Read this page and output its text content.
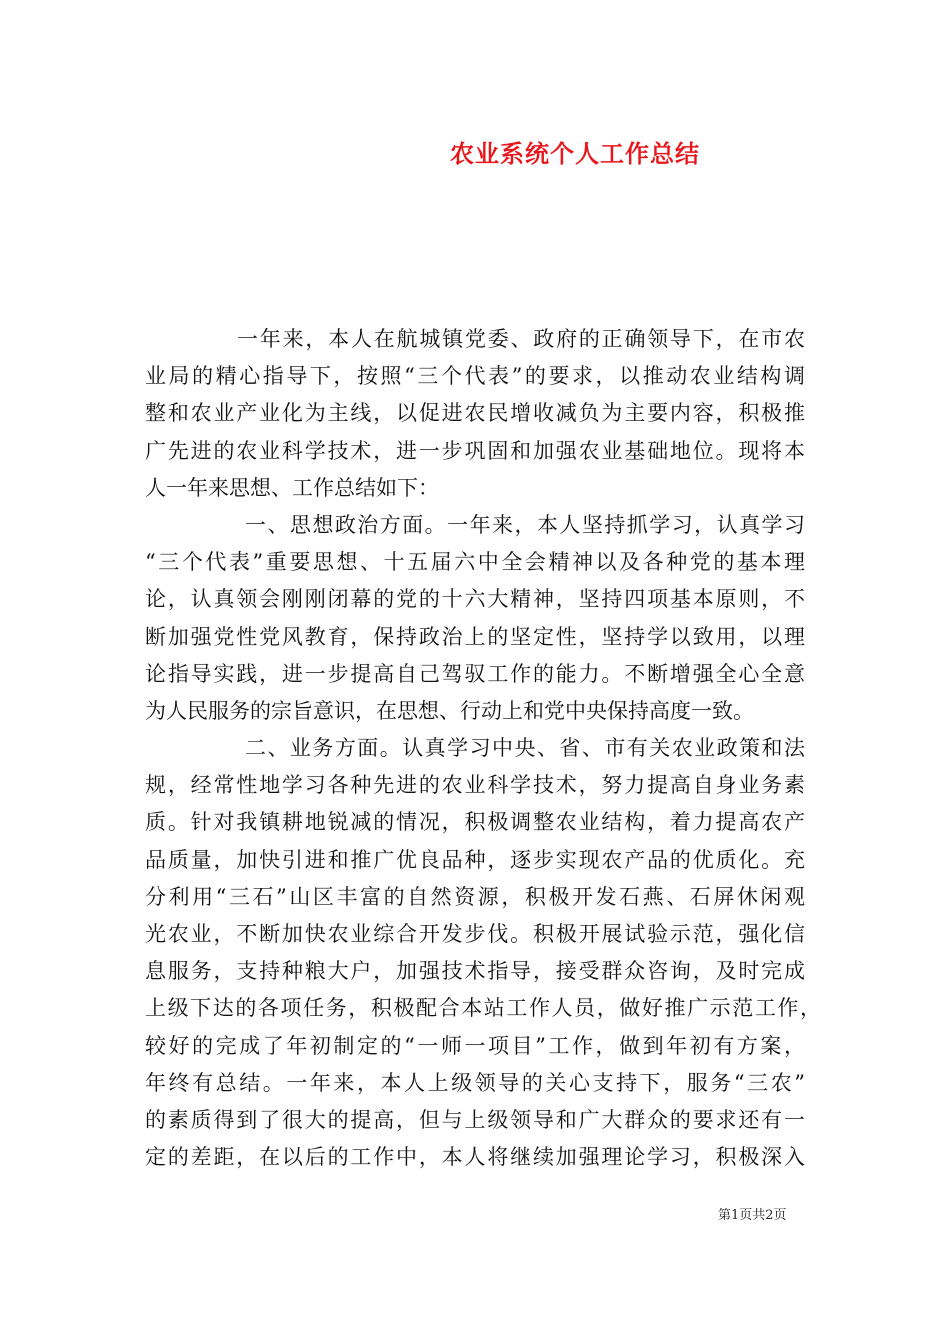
农业系统个人工作总结
一年来，本人在航城镇党委、政府的正确领导下，在市农
业局的精心指导下，按照“三个代表”的要求，以推动农业结构调
整和农业产业化为主线，以促进农民增收减负为主要内容，积极推
广先进的农业科学技术，进一步巩固和加强农业基础地位。现将本
人一年来思想、工作总结如下：
一、思想政治方面。一年来，本人坚持抓学习，认真学习
“三个代表”重要思想、十五届六中全会精神以及各种党的基本理
论，认真领会刚刚闭幕的党的十六大精神，坚持四项基本原则，不
断加强党性党风教育，保持政治上的坚定性，坚持学以致用，以理
论指导实践，进一步提高自己驾驭工作的能力。不断增强全心全意
为人民服务的宗旨意识，在思想、行动上和党中央保持高度一致。
二、业务方面。认真学习中央、省、市有关农业政策和法
规，经常性地学习各种先进的农业科学技术，努力提高自身业务素
质。针对我镇耕地锐减的情况，积极调整农业结构，着力提高农产
品质量，加快引进和推广优良品种，逐步实现农产品的优质化。充
分利用“三石”山区丰富的自然资源，积极开发石燕、石屏休闲观
光农业，不断加快农业综合开发步伐。积极开展试验示范，强化信
息服务，支持种粮大户，加强技术指导，接受群众咨询，及时完成
上级下达的各项任务，积极配合本站工作人员，做好推广示范工作，
较好的完成了年初制定的“一师一项目”工作，做到年初有方案，
年终有总结。一年来，本人上级领导的关心支持下，服务“三农”
的素质得到了很大的提高，但与上级领导和广大群众的要求还有一
定的差距，在以后的工作中，本人将继续加强理论学习，积极深入
第1页共2页
